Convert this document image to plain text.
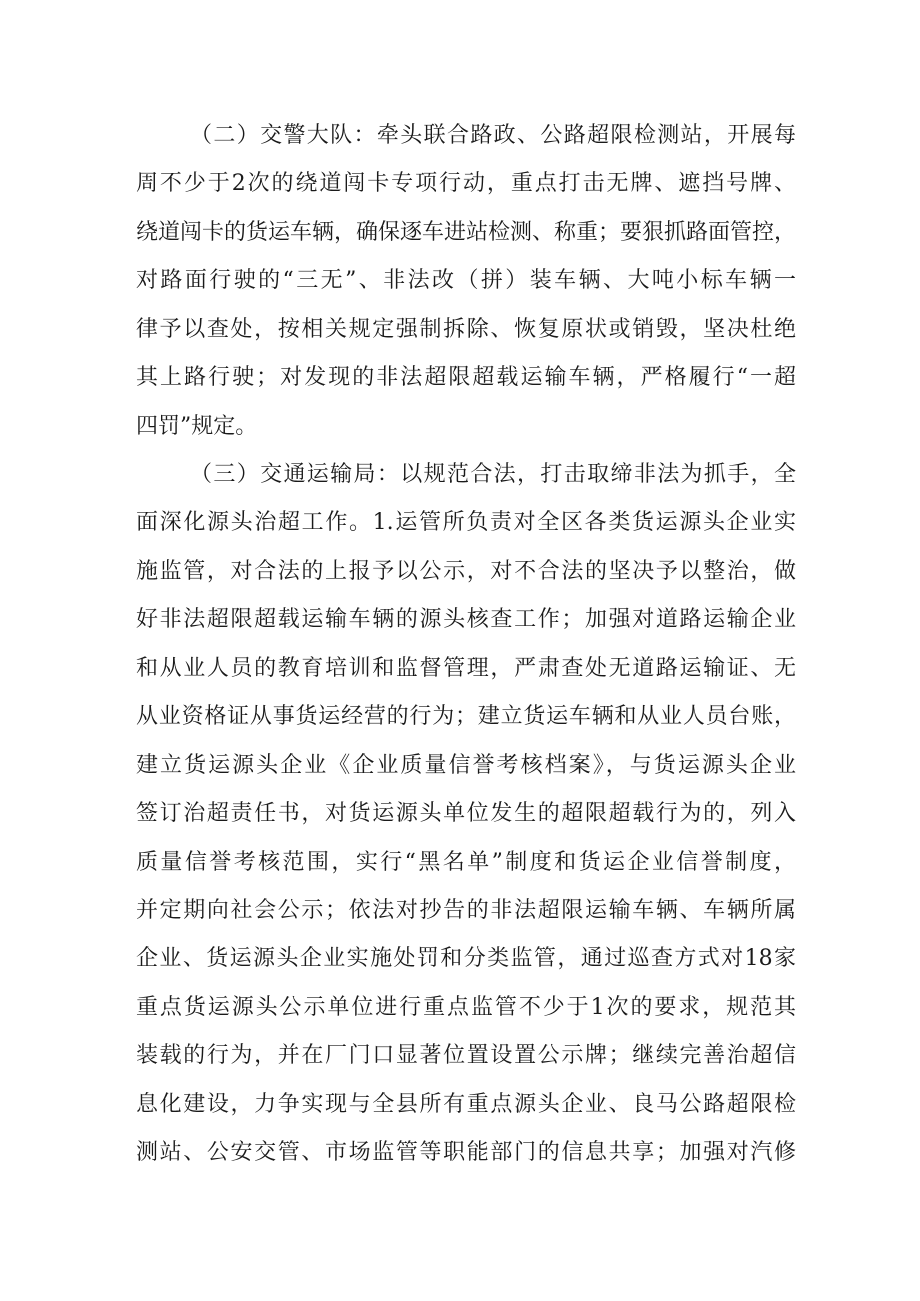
（二）交警大队：牵头联合路政、公路超限检测站，开展每
周不少于2次的绕道闯卡专项行动，重点打击无牌、遮挡号牌、
绕道闯卡的货运车辆，确保逐车进站检测、称重；要狠抓路面管控，
对路面行驶的“三无”、非法改（拼）装车辆、大吨小标车辆一
律予以查处，按相关规定强制拆除、恢复原状或销毁，坚决杜绝
其上路行驶；对发现的非法超限超载运输车辆，严格履行“一超
四罚”规定。
（三）交通运输局：以规范合法，打击取缔非法为抓手，全
面深化源头治超工作。1.运管所负责对全区各类货运源头企业实
施监管，对合法的上报予以公示，对不合法的坚决予以整治，做
好非法超限超载运输车辆的源头核查工作；加强对道路运输企业
和从业人员的教育培训和监督管理，严肃查处无道路运输证、无
从业资格证从事货运经营的行为；建立货运车辆和从业人员台账，
建立货运源头企业《企业质量信誉考核档案》，与货运源头企业
签订治超责任书，对货运源头单位发生的超限超载行为的，列入
质量信誉考核范围，实行“黑名单”制度和货运企业信誉制度，
并定期向社会公示；依法对抄告的非法超限运输车辆、车辆所属
企业、货运源头企业实施处罚和分类监管，通过巡查方式对18家
重点货运源头公示单位进行重点监管不少于1次的要求，规范其
装载的行为，并在厂门口显著位置设置公示牌；继续完善治超信
息化建设，力争实现与全县所有重点源头企业、良马公路超限检
测站、公安交管、市场监管等职能部门的信息共享；加强对汽修
